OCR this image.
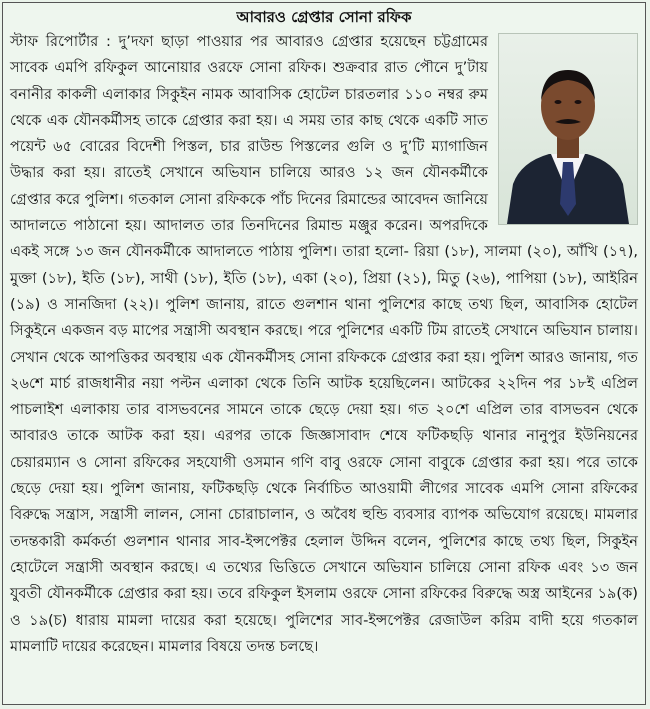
আবারও গ্রেপ্তার সোনা রফিক

স্টাফ রিপোর্টার : দু’দফা ছাড়া পাওয়ার পর আবারও গ্রেপ্তার হয়েছেন চট্টগ্রামের সাবেক এমপি রফিকুল আনোয়ার ওরফে সোনা রফিক। শুক্রবার রাত পৌনে দু’টায় বনানীর কাকলী এলাকার সিকুইন নামক আবাসিক হোটেল চারতলার ১১০ নম্বর রুম থেকে এক যৌনকর্মীসহ তাকে গ্রেপ্তার করা হয়। এ সময় তার কাছ থেকে একটি সাত পয়েন্ট ৬৫ বোরের বিদেশী পিস্তল, চার রাউন্ড পিস্তলের গুলি ও দু’টি ম্যাগাজিন উদ্ধার করা হয়। রাতেই সেখানে অভিযান চালিয়ে আরও ১২ জন যৌনকর্মীকে গ্রেপ্তার করে পুলিশ। গতকাল সোনা রফিককে পাঁচ দিনের রিমান্ডের আবেদন জানিয়ে আদালতে পাঠানো হয়। আদালত তার তিনদিনের রিমান্ড মঞ্জুর করেন। অপরদিকে একই সঙ্গে ১৩ জন যৌনকর্মীকে আদালতে পাঠায় পুলিশ। তারা হলো- রিয়া (১৮), সালমা (২০), আঁখি (১৭), মুক্তা (১৮), ইতি (১৮), সাথী (১৮), ইতি (১৮), একা (২০), প্রিয়া (২১), মিতু (২৬), পাপিয়া (১৮), আইরিন (১৯) ও সানজিদা (২২)। পুলিশ জানায়, রাতে গুলশান থানা পুলিশের কাছে তথ্য ছিল, আবাসিক হোটেল সিকুইনে একজন বড় মাপের সন্ত্রাসী অবস্থান করছে। পরে পুলিশের একটি টিম রাতেই সেখানে অভিযান চালায়। সেখান থেকে আপত্তিকর অবস্থায় এক যৌনকর্মীসহ সোনা রফিককে গ্রেপ্তার করা হয়। পুলিশ আরও জানায়, গত ২৬শে মার্চ রাজধানীর নয়া পল্টন এলাকা থেকে তিনি আটক হয়েছিলেন। আটকের ২২দিন পর ১৮ই এপ্রিল পাচলাইশ এলাকায় তার বাসভবনের সামনে তাকে ছেড়ে দেয়া হয়। গত ২০শে এপ্রিল তার বাসভবন থেকে আবারও তাকে আটক করা হয়। এরপর তাকে জিজ্ঞাসাবাদ শেষে ফটিকছড়ি থানার নানুপুর ইউনিয়নের চেয়ারম্যান ও সোনা রফিকের সহযোগী ওসমান গণি বাবু ওরফে সোনা বাবুকে গ্রেপ্তার করা হয়। পরে তাকে ছেড়ে দেয়া হয়। পুলিশ জানায়, ফটিকছড়ি থেকে নির্বাচিত আওয়ামী লীগের সাবেক এমপি সোনা রফিকের বিরুদ্ধে সন্ত্রাস, সন্ত্রাসী লালন, সোনা চোরাচালান, ও অবৈধ হুন্ডি ব্যবসার ব্যাপক অভিযোগ রয়েছে। মামলার তদন্তকারী কর্মকর্তা গুলশান থানার সাব-ইন্সপেক্টর হেলাল উদ্দিন বলেন, পুলিশের কাছে তথ্য ছিল, সিকুইন হোটেলে সন্ত্রাসী অবস্থান করছে। এ তথ্যের ভিত্তিতে সেখানে অভিযান চালিয়ে সোনা রফিক এবং ১৩ জন যুবতী যৌনকর্মীকে গ্রেপ্তার করা হয়। তবে রফিকুল ইসলাম ওরফে সোনা রফিকের বিরুদ্ধে অস্ত্র আইনের ১৯(ক) ও ১৯(চ) ধারায় মামলা দায়ের করা হয়েছে। পুলিশের সাব-ইন্সপেক্টর রেজাউল করিম বাদী হয়ে গতকাল মামলাটি দায়ের করেছেন। মামলার বিষয়ে তদন্ত চলছে।
